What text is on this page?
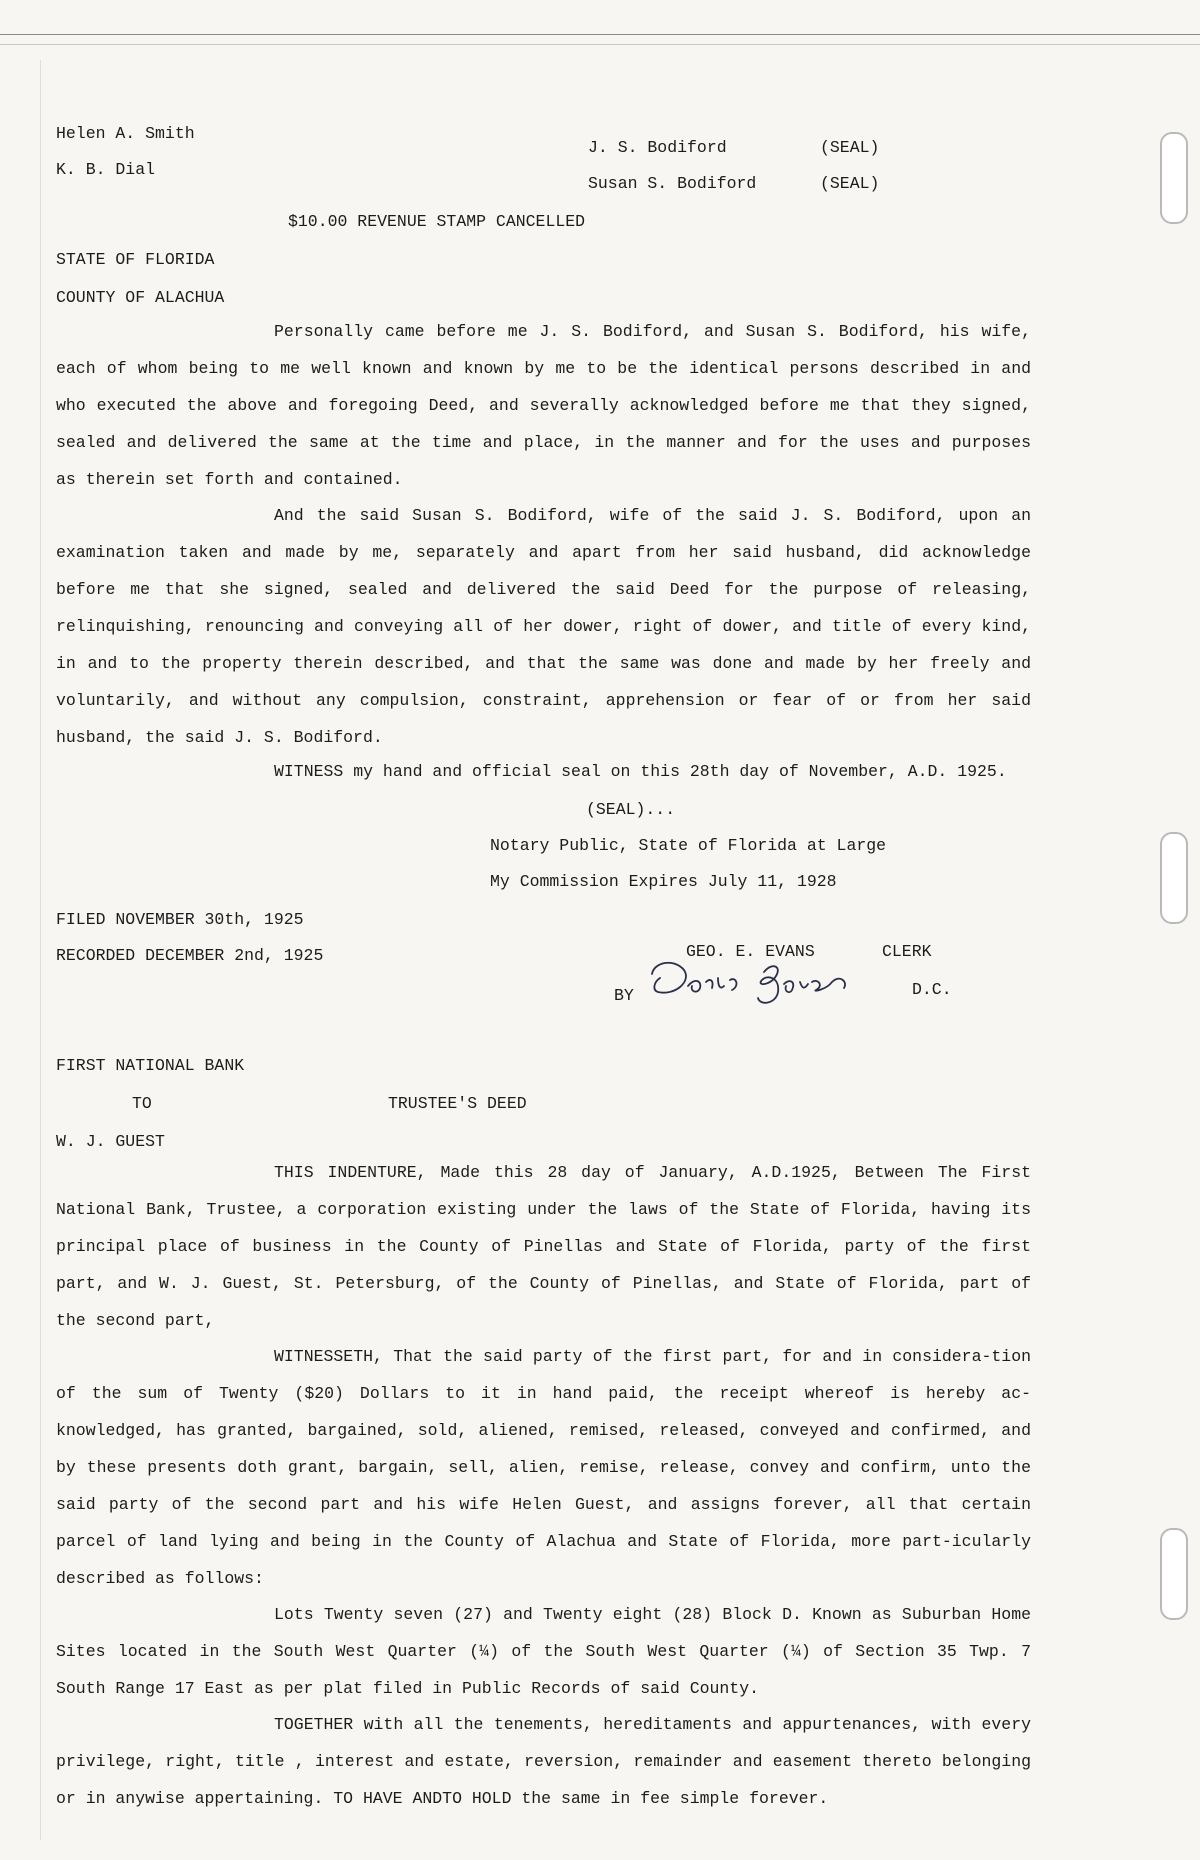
Helen A. Smith
K. B. Dial
J. S. Bodiford
Susan S. Bodiford
(SEAL)
(SEAL)
$10.00 REVENUE STAMP CANCELLED
STATE OF FLORIDA
COUNTY OF ALACHUA

Personally came before me J. S. Bodiford, and Susan S. Bodiford, his wife, each of whom being to me well known and known by me to be the identical persons described in and who executed the above and foregoing Deed, and severally acknowledged before me that they signed, sealed and delivered the same at the time and place, in the manner and for the uses and purposes as therein set forth and contained.

And the said Susan S. Bodiford, wife of the said J. S. Bodiford, upon an examination taken and made by me, separately and apart from her said husband, did acknowledge before me that she signed, sealed and delivered the said Deed for the purpose of releasing, relinquishing, renouncing and conveying all of her dower, right of dower, and title of every kind, in and to the property therein described, and that the same was done and made by her freely and voluntarily, and without any compulsion, constraint, apprehension or fear of or from her said husband, the said J. S. Bodiford.

WITNESS my hand and official seal on this 28th day of November, A.D. 1925.
(SEAL)...
Notary Public, State of Florida at Large
My Commission Expires July 11, 1928
FILED NOVEMBER 30th, 1925
RECORDED DECEMBER 2nd, 1925	GEO. E. EVANS	CLERK
BY	D.C.
FIRST NATIONAL BANK
TO	TRUSTEE'S DEED
W. J. GUEST

THIS INDENTURE, Made this 28 day of January, A.D.1925, Between The First National Bank, Trustee, a corporation existing under the laws of the State of Florida, having its principal place of business in the County of Pinellas and State of Florida, party of the first part, and W. J. Guest, St. Petersburg, of the County of Pinellas, and State of Florida, part of the second part,

WITNESSETH, That the said party of the first part, for and in considera-tion of the sum of Twenty ($20) Dollars to it in hand paid, the receipt whereof is hereby ac-knowledged, has granted, bargained, sold, aliened, remised, released, conveyed and confirmed, and by these presents doth grant, bargain, sell, alien, remise, release, convey and confirm, unto the said party of the second part and his wife Helen Guest, and assigns forever, all that certain parcel of land lying and being in the County of Alachua and State of Florida, more part-icularly described as follows:

Lots Twenty seven (27) and Twenty eight (28) Block D. Known as Suburban Home Sites located in the South West Quarter (¼) of the South West Quarter (¼) of Section 35 Twp. 7 South Range 17 East as per plat filed in Public Records of said County.

TOGETHER with all the tenements, hereditaments and appurtenances, with every privilege, right, title , interest and estate, reversion, remainder and easement thereto belonging or in anywise appertaining. TO HAVE ANDTO HOLD the same in fee simple forever.
